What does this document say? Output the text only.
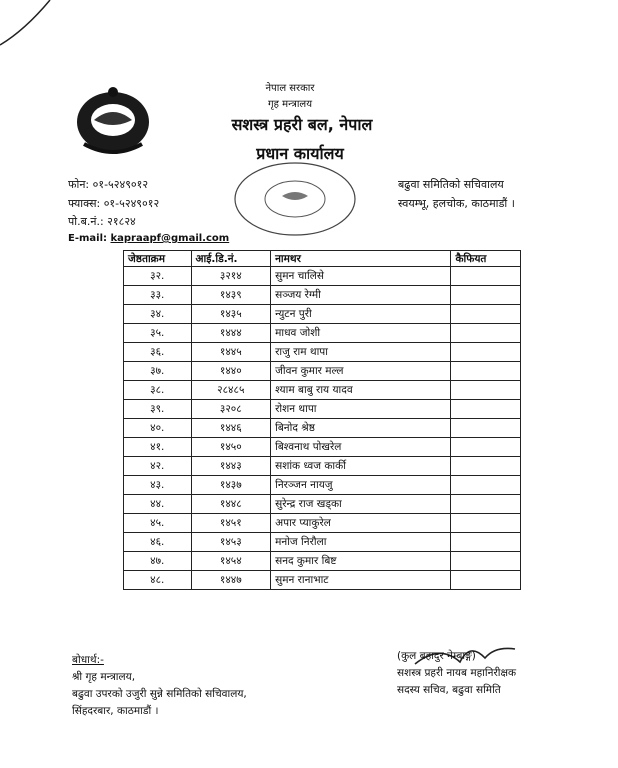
नेपाल सरकार
गृह मन्त्रालय
सशस्त्र प्रहरी बल, नेपाल
प्रधान कार्यालय
फोन: ०१-५२४९०१२
फ्याक्स: ०१-५२४९०१२
पो.ब.नं.: २१८२४
E-mail: kapraapf@gmail.com
बढुवा समितिको सचिवालय
स्वयम्भू, हलचोक, काठमाडौं ।
जेष्ठताक्रम	आई.डि.नं.	नामथर	कैफियत
३२.	३२१४	सुमन चालिसे	
३३.	१४३९	सञ्जय रेग्मी	
३४.	१४३५	न्युटन पुरी	
३५.	१४४४	माधव जोशी	
३६.	१४४५	राजु राम थापा	
३७.	१४४०	जीवन कुमार मल्ल	
३८.	२८४८५	श्याम बाबु राय यादव	
३९.	३२०८	रोशन थापा	
४०.	१४४६	बिनोद श्रेष्ठ	
४१.	१४५०	बिश्वनाथ पोखरेल	
४२.	१४४३	सशांक ध्वज कार्की	
४३.	१४३७	निरञ्जन नायजु	
४४.	१४४८	सुरेन्द्र राज खड्का	
४५.	१४५१	अपार प्याकुरेल	
४६.	१४५३	मनोज निरौला	
४७.	१४५४	सनद कुमार बिष्ट	
४८.	१४४७	सुमन रानाभाट	
बोधार्थ:-
श्री गृह मन्त्रालय,
बढुवा उपरको उजुरी सुन्ने समितिको सचिवालय,
सिंहदरबार, काठमाडौं ।
(कुल बहादुर नेम्बाङ्ग)
सशस्त्र प्रहरी नायब महानिरीक्षक
सदस्य सचिव, बढुवा समिति
